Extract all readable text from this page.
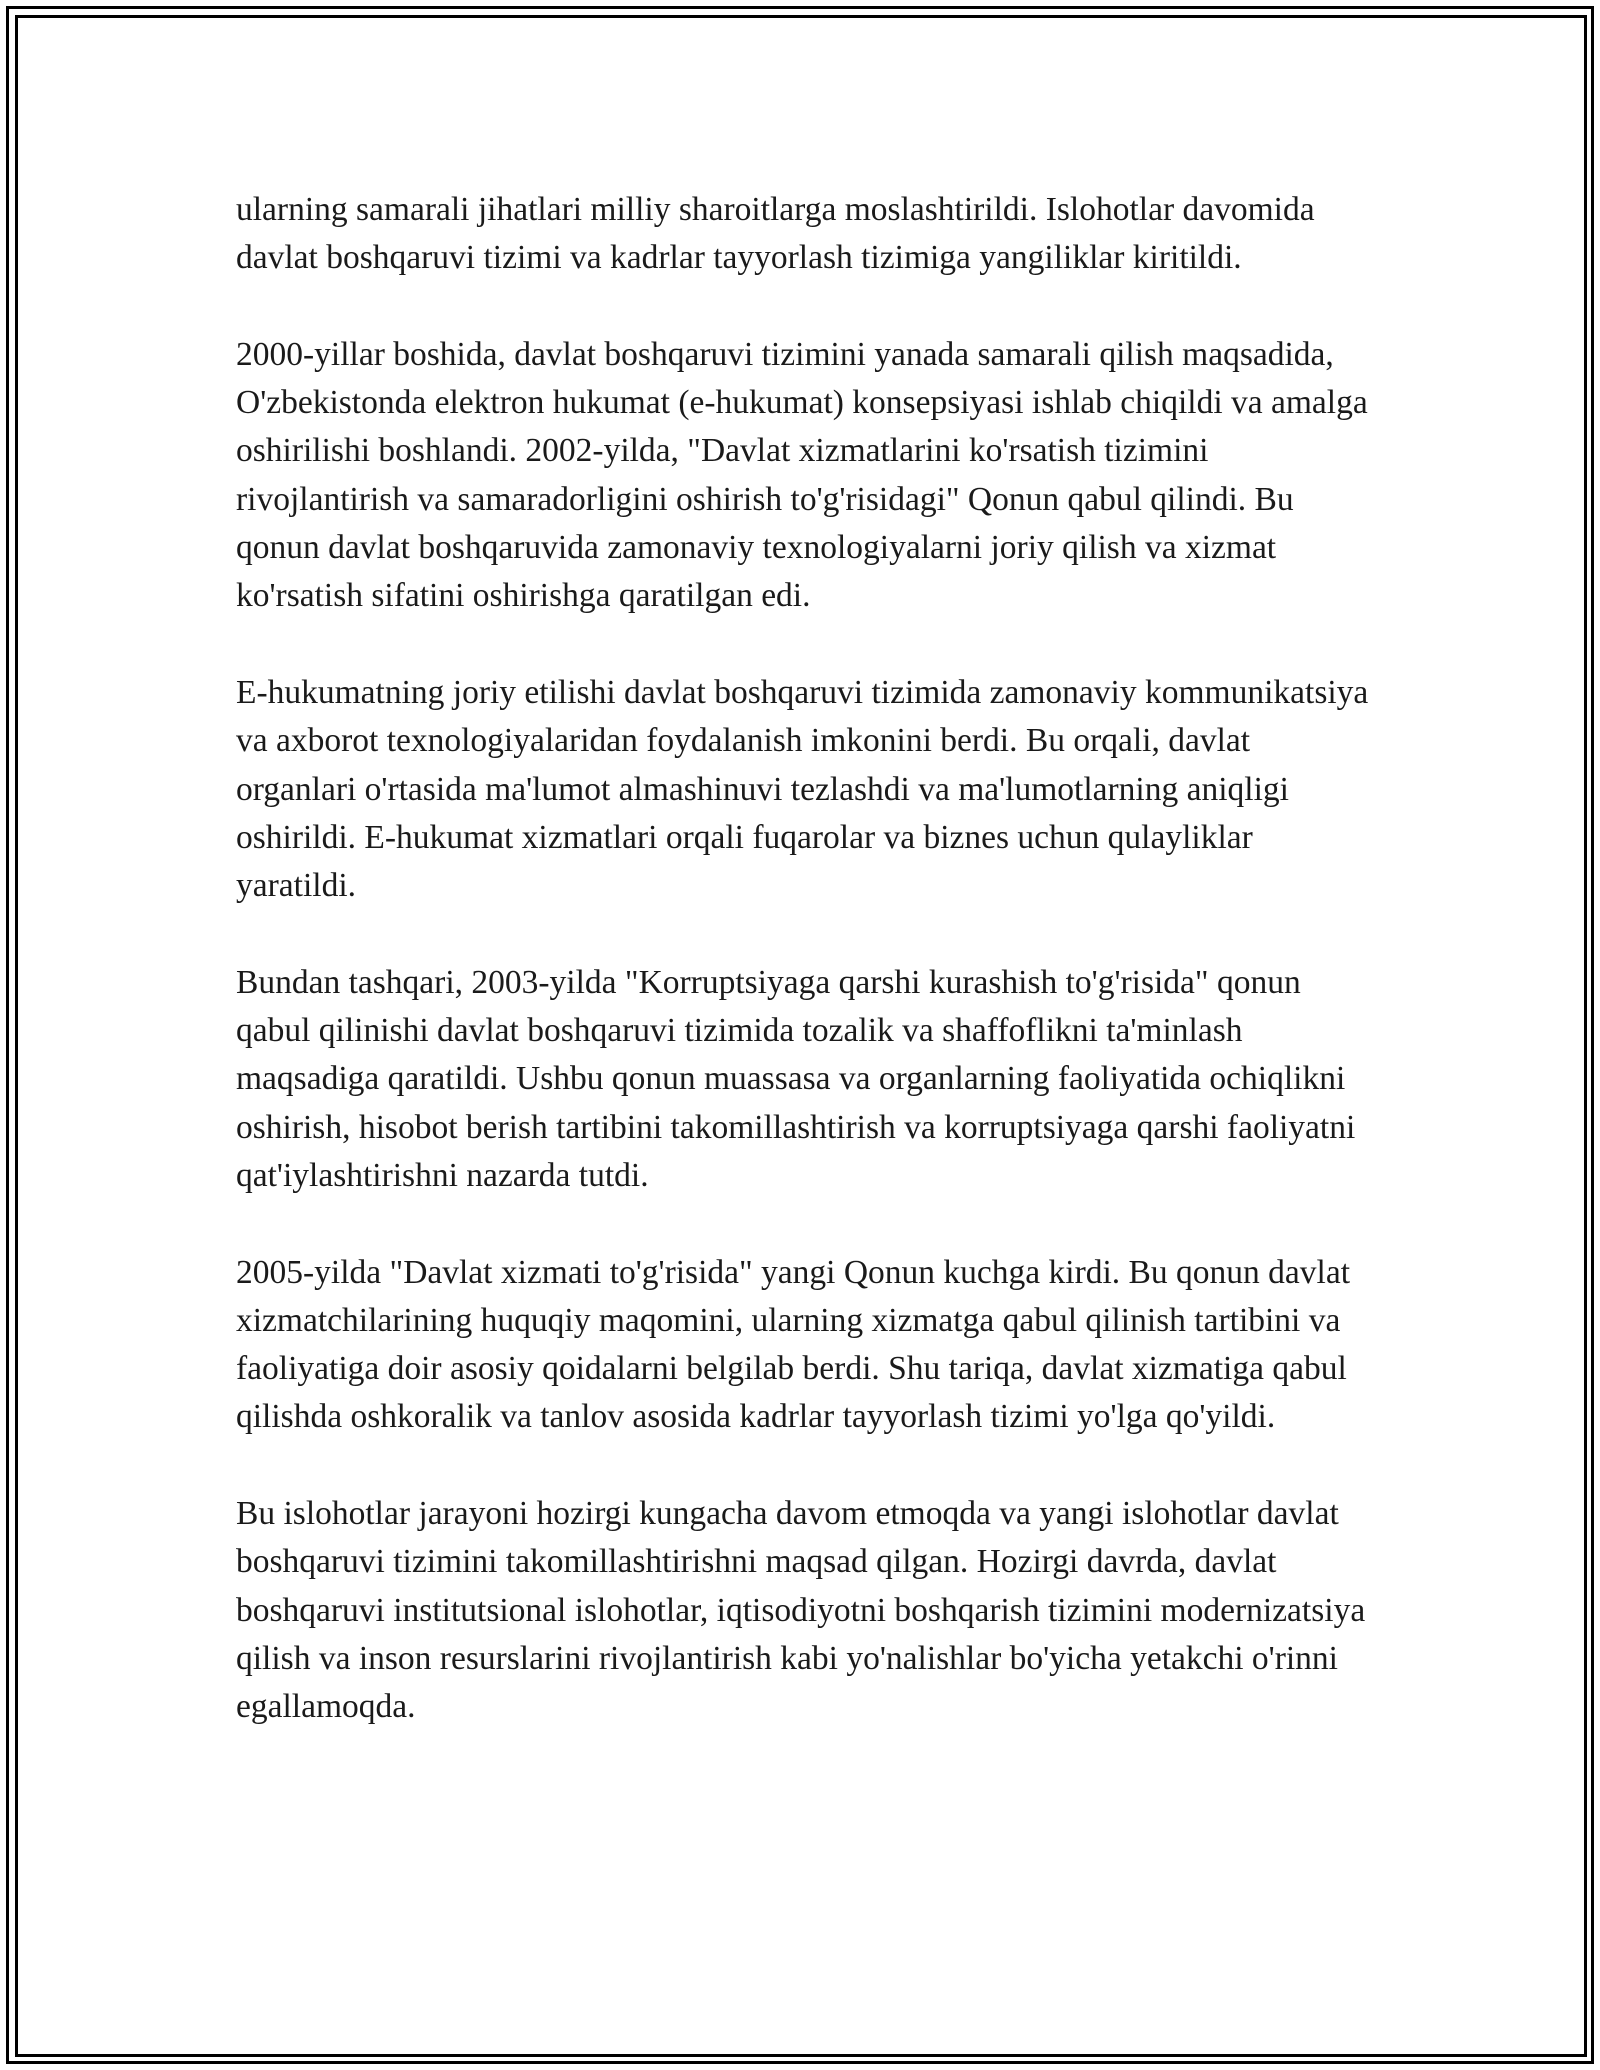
ularning samarali jihatlari milliy sharoitlarga moslashtirildi. Islohotlar davomida davlat boshqaruvi tizimi va kadrlar tayyorlash tizimiga yangiliklar kiritildi.

2000-yillar boshida, davlat boshqaruvi tizimini yanada samarali qilish maqsadida, O'zbekistonda elektron hukumat (e-hukumat) konsepsiyasi ishlab chiqildi va amalga oshirilishi boshlandi. 2002-yilda, "Davlat xizmatlarini ko'rsatish tizimini rivojlantirish va samaradorligini oshirish to'g'risidagi" Qonun qabul qilindi. Bu qonun davlat boshqaruvida zamonaviy texnologiyalarni joriy qilish va xizmat ko'rsatish sifatini oshirishga qaratilgan edi.

E-hukumatning joriy etilishi davlat boshqaruvi tizimida zamonaviy kommunikatsiya va axborot texnologiyalaridan foydalanish imkonini berdi. Bu orqali, davlat organlari o'rtasida ma'lumot almashinuvi tezlashdi va ma'lumotlarning aniqligi oshirildi. E-hukumat xizmatlari orqali fuqarolar va biznes uchun qulayliklar yaratildi.

Bundan tashqari, 2003-yilda "Korruptsiyaga qarshi kurashish to'g'risida" qonun qabul qilinishi davlat boshqaruvi tizimida tozalik va shaffoflikni ta'minlash maqsadiga qaratildi. Ushbu qonun muassasa va organlarning faoliyatida ochiqlikni oshirish, hisobot berish tartibini takomillashtirish va korruptsiyaga qarshi faoliyatni qat'iylashtirishni nazarda tutdi.

2005-yilda "Davlat xizmati to'g'risida" yangi Qonun kuchga kirdi. Bu qonun davlat xizmatchilarining huquqiy maqomini, ularning xizmatga qabul qilinish tartibini va faoliyatiga doir asosiy qoidalarni belgilab berdi. Shu tariqa, davlat xizmatiga qabul qilishda oshkoralik va tanlov asosida kadrlar tayyorlash tizimi yo'lga qo'yildi.

Bu islohotlar jarayoni hozirgi kungacha davom etmoqda va yangi islohotlar davlat boshqaruvi tizimini takomillashtirishni maqsad qilgan. Hozirgi davrda, davlat boshqaruvi institutsional islohotlar, iqtisodiyotni boshqarish tizimini modernizatsiya qilish va inson resurslarini rivojlantirish kabi yo'nalishlar bo'yicha yetakchi o'rinni egallamoqda.
